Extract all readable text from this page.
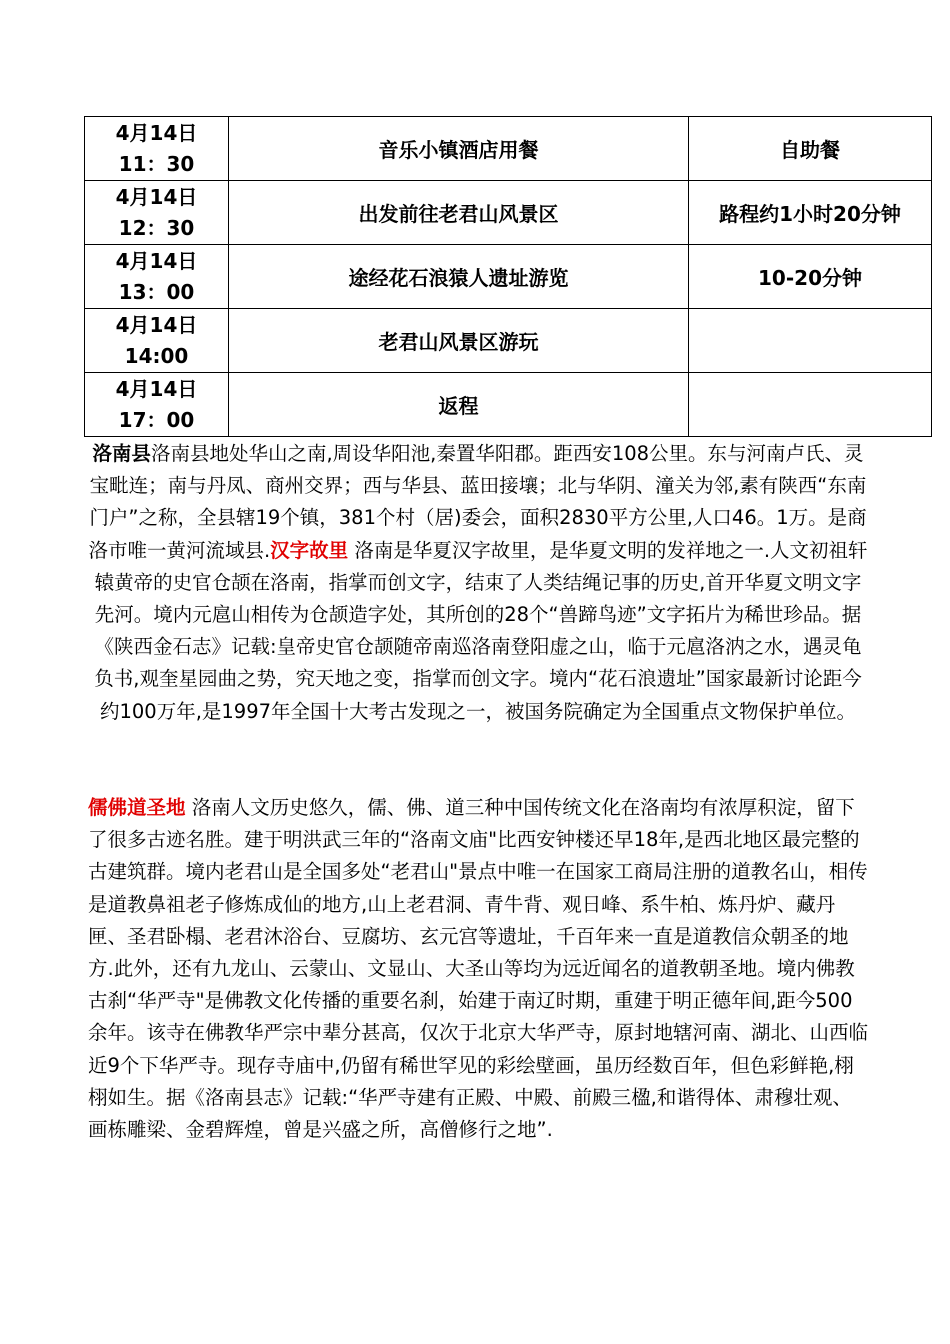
4月14日
11：30	音乐小镇酒店用餐	自助餐

4月14日
12：30	出发前往老君山风景区	路程约1小时20分钟

4月14日
13：00	途经花石浪猿人遗址游览	10-20分钟

4月14日
14:00	老君山风景区游玩	

4月14日
17：00	返程	

洛南县洛南县地处华山之南,周设华阳池,秦置华阳郡。距西安108公里。东与河南卢氏、灵宝毗连；南与丹凤、商州交界；西与华县、蓝田接壤；北与华阴、潼关为邻,素有陕西“东南门户”之称，全县辖19个镇，381个村（居)委会，面积2830平方公里,人口46。1万。是商洛市唯一黄河流域县.汉字故里 洛南是华夏汉字故里，是华夏文明的发祥地之一.人文初祖轩辕黄帝的史官仓颉在洛南，指掌而创文字，结束了人类结绳记事的历史,首开华夏文明文字先河。境内元扈山相传为仓颉造字处，其所创的28个“兽蹄鸟迹”文字拓片为稀世珍品。据《陕西金石志》记载:皇帝史官仓颉随帝南巡洛南登阳虚之山，临于元扈洛汭之水，遇灵龟负书,观奎星园曲之势，究天地之变，指掌而创文字。境内“花石浪遗址”国家最新讨论距今约100万年,是1997年全国十大考古发现之一，被国务院确定为全国重点文物保护单位。

儒佛道圣地 洛南人文历史悠久，儒、佛、道三种中国传统文化在洛南均有浓厚积淀，留下了很多古迹名胜。建于明洪武三年的“洛南文庙"比西安钟楼还早18年,是西北地区最完整的古建筑群。境内老君山是全国多处“老君山"景点中唯一在国家工商局注册的道教名山，相传是道教鼻祖老子修炼成仙的地方,山上老君洞、青牛背、观日峰、系牛柏、炼丹炉、藏丹匣、圣君卧榻、老君沐浴台、豆腐坊、玄元宫等遗址，千百年来一直是道教信众朝圣的地方.此外，还有九龙山、云蒙山、文显山、大圣山等均为远近闻名的道教朝圣地。境内佛教古刹“华严寺"是佛教文化传播的重要名刹，始建于南辽时期，重建于明正德年间,距今500余年。该寺在佛教华严宗中辈分甚高，仅次于北京大华严寺，原封地辖河南、湖北、山西临近9个下华严寺。现存寺庙中,仍留有稀世罕见的彩绘壁画，虽历经数百年，但色彩鲜艳,栩栩如生。据《洛南县志》记载:“华严寺建有正殿、中殿、前殿三楹,和谐得体、肃穆壮观、画栋雕梁、金碧辉煌，曾是兴盛之所，高僧修行之地”.
